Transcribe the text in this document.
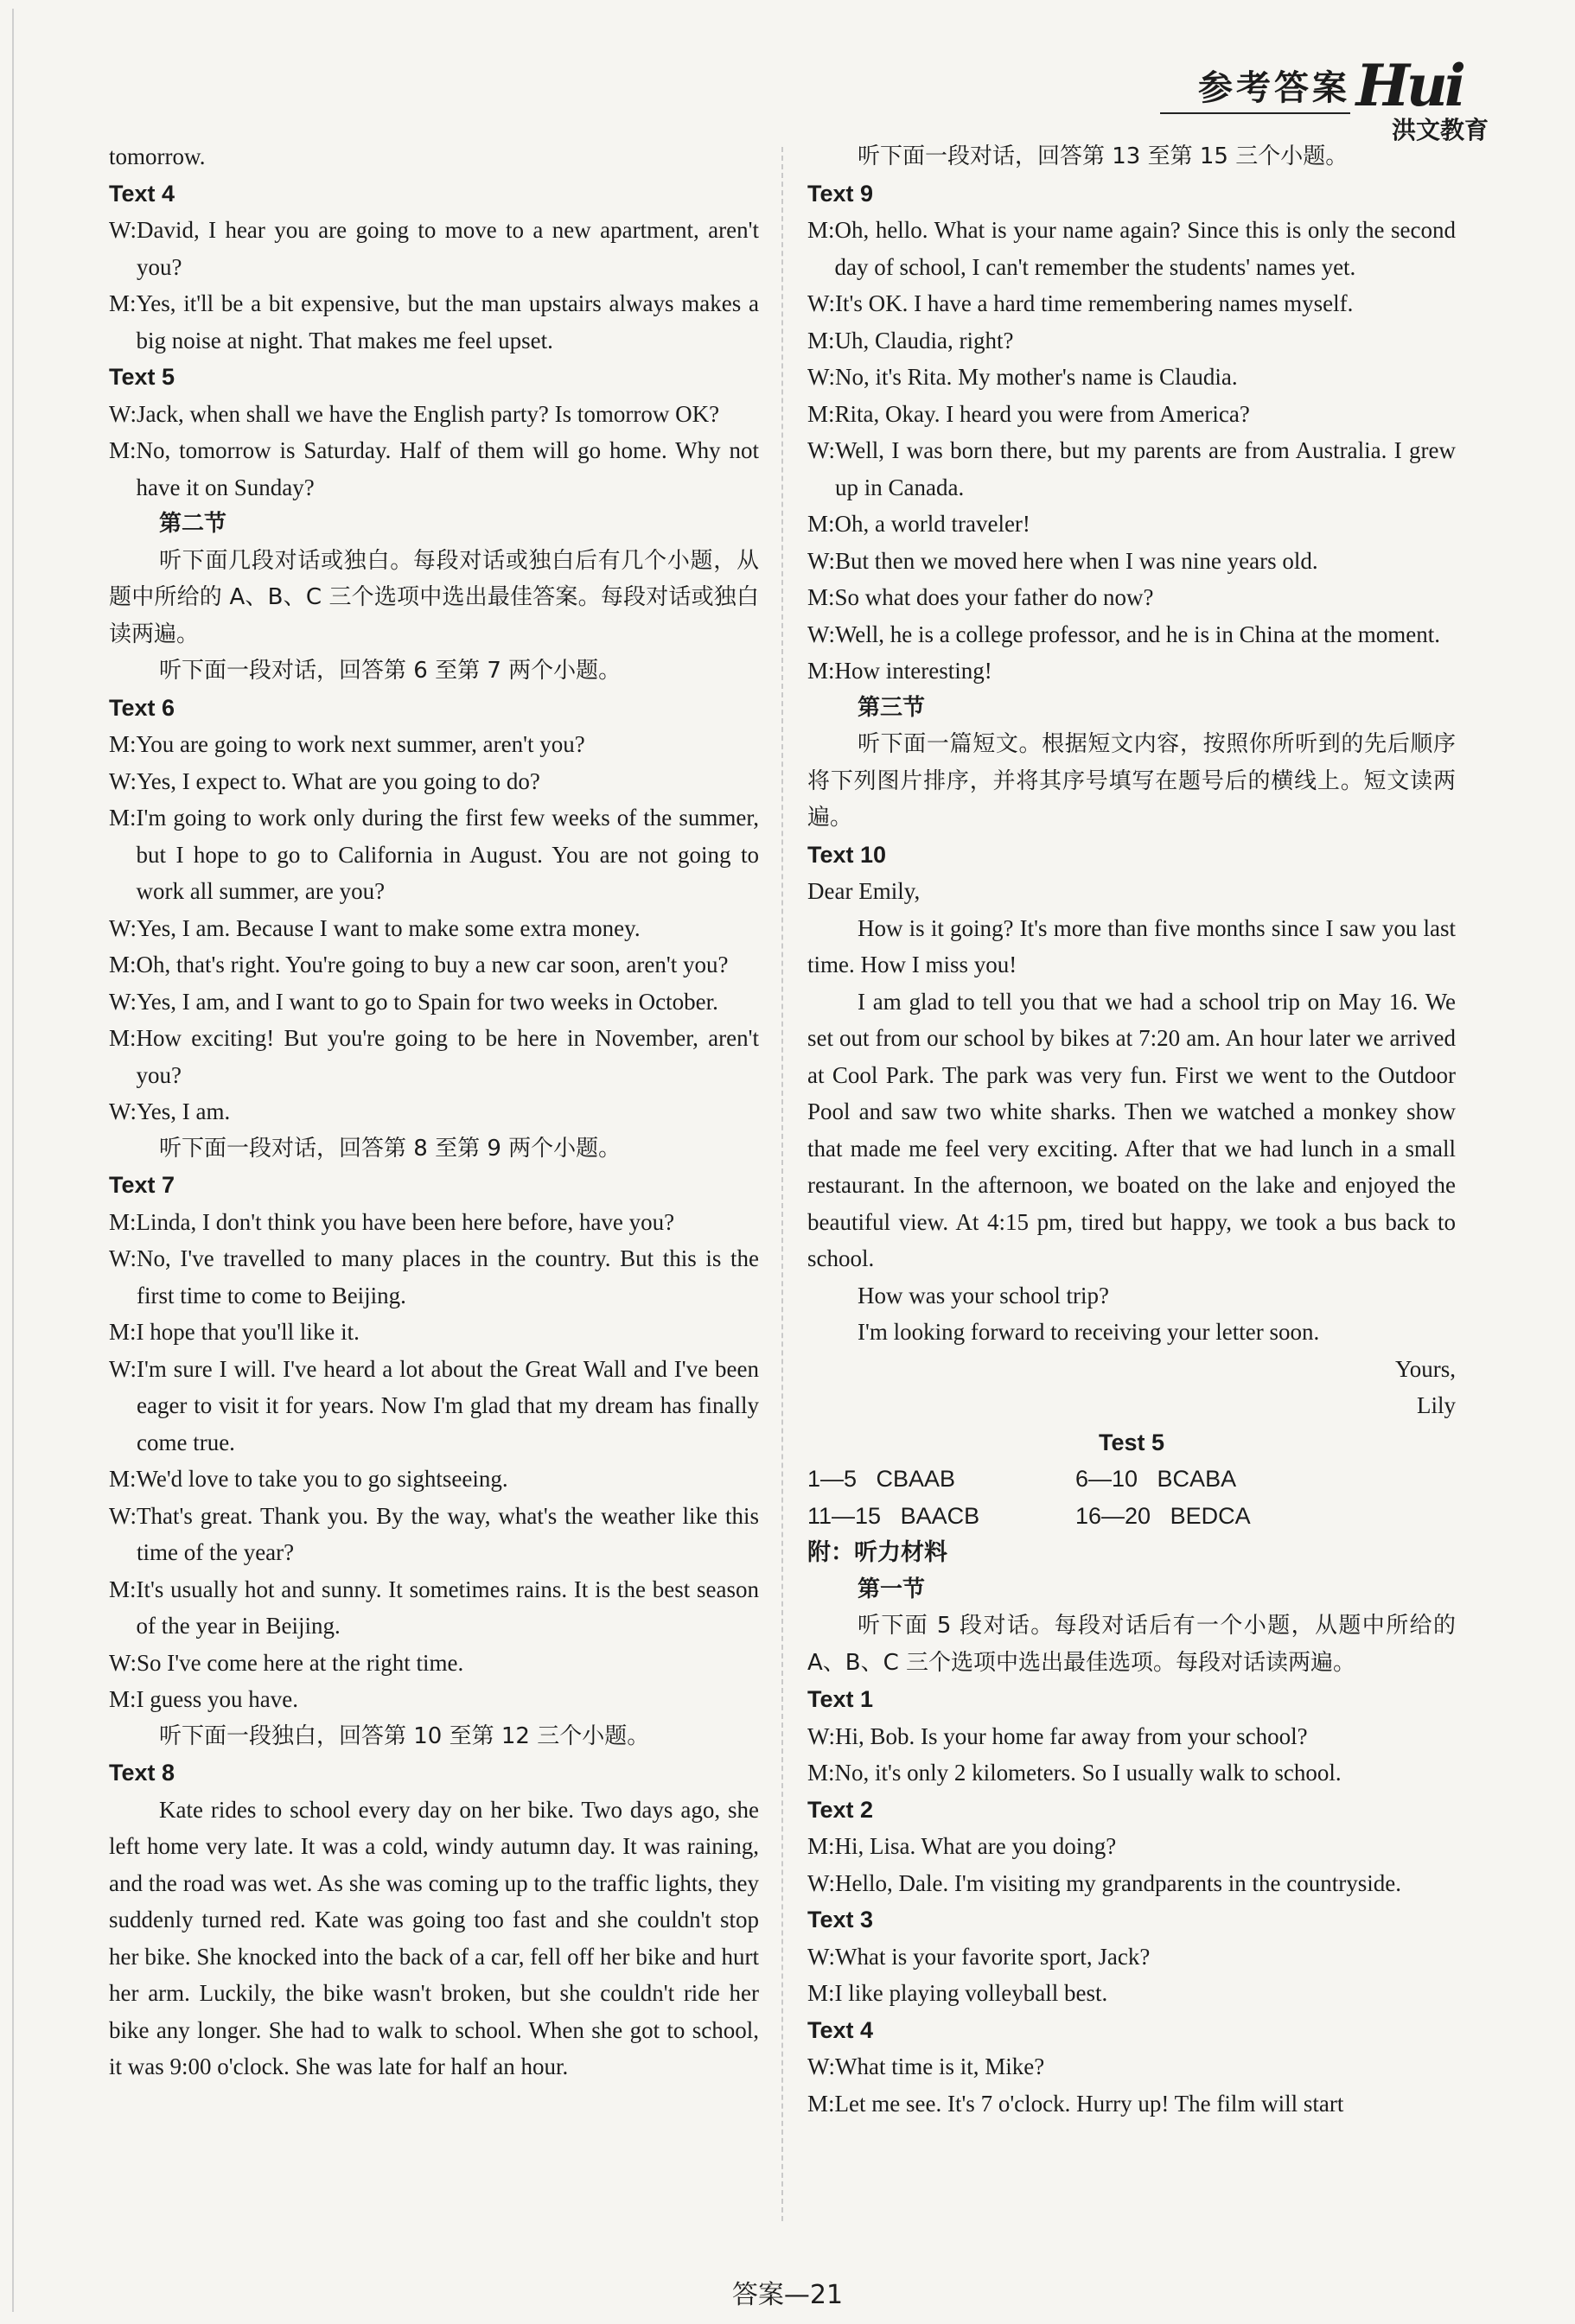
参考答案
洪文教育
Hui
tomorrow.
Text 4
W: David, I hear you are going to move to a new apartment, aren't you?
M: Yes, it'll be a bit expensive, but the man upstairs always makes a big noise at night. That makes me feel upset.
Text 5
W: Jack, when shall we have the English party? Is tomorrow OK?
M: No, tomorrow is Saturday. Half of them will go home. Why not have it on Sunday?
第二节
听下面几段对话或独白。每段对话或独白后有几个小题，从题中所给的 A、B、C 三个选项中选出最佳答案。每段对话或独白读两遍。
听下面一段对话，回答第 6 至第 7 两个小题。
Text 6
M: You are going to work next summer, aren't you?
W: Yes, I expect to. What are you going to do?
M: I'm going to work only during the first few weeks of the summer, but I hope to go to California in August. You are not going to work all summer, are you?
W: Yes, I am. Because I want to make some extra money.
M: Oh, that's right. You're going to buy a new car soon, aren't you?
W: Yes, I am, and I want to go to Spain for two weeks in October.
M: How exciting! But you're going to be here in November, aren't you?
W: Yes, I am.
听下面一段对话，回答第 8 至第 9 两个小题。
Text 7
M: Linda, I don't think you have been here before, have you?
W: No, I've travelled to many places in the country. But this is the first time to come to Beijing.
M: I hope that you'll like it.
W: I'm sure I will. I've heard a lot about the Great Wall and I've been eager to visit it for years. Now I'm glad that my dream has finally come true.
M: We'd love to take you to go sightseeing.
W: That's great. Thank you. By the way, what's the weather like this time of the year?
M: It's usually hot and sunny. It sometimes rains. It is the best season of the year in Beijing.
W: So I've come here at the right time.
M: I guess you have.
听下面一段独白，回答第 10 至第 12 三个小题。
Text 8
Kate rides to school every day on her bike. Two days ago, she left home very late. It was a cold, windy autumn day. It was raining, and the road was wet. As she was coming up to the traffic lights, they suddenly turned red. Kate was going too fast and she couldn't stop her bike. She knocked into the back of a car, fell off her bike and hurt her arm. Luckily, the bike wasn't broken, but she couldn't ride her bike any longer. She had to walk to school. When she got to school, it was 9:00 o'clock. She was late for half an hour.
听下面一段对话，回答第 13 至第 15 三个小题。
Text 9
M: Oh, hello. What is your name again? Since this is only the second day of school, I can't remember the students' names yet.
W: It's OK. I have a hard time remembering names myself.
M: Uh, Claudia, right?
W: No, it's Rita. My mother's name is Claudia.
M: Rita, Okay. I heard you were from America?
W: Well, I was born there, but my parents are from Australia. I grew up in Canada.
M: Oh, a world traveler!
W: But then we moved here when I was nine years old.
M: So what does your father do now?
W: Well, he is a college professor, and he is in China at the moment.
M: How interesting!
第三节
听下面一篇短文。根据短文内容，按照你所听到的先后顺序将下列图片排序，并将其序号填写在题号后的横线上。短文读两遍。
Text 10
Dear Emily,
How is it going? It's more than five months since I saw you last time. How I miss you!
I am glad to tell you that we had a school trip on May 16. We set out from our school by bikes at 7:20 am. An hour later we arrived at Cool Park. The park was very fun. First we went to the Outdoor Pool and saw two white sharks. Then we watched a monkey show that made me feel very exciting. After that we had lunch in a small restaurant. In the afternoon, we boated on the lake and enjoyed the beautiful view. At 4:15 pm, tired but happy, we took a bus back to school.
How was your school trip?
I'm looking forward to receiving your letter soon.
Yours,
Lily
Test 5
1—5   CBAAB	6—10   BCABA
11—15   BAACB	16—20   BEDCA
附：听力材料
第一节
听下面 5 段对话。每段对话后有一个小题，从题中所给的 A、B、C 三个选项中选出最佳选项。每段对话读两遍。
Text 1
W: Hi, Bob. Is your home far away from your school?
M: No, it's only 2 kilometers. So I usually walk to school.
Text 2
M: Hi, Lisa. What are you doing?
W: Hello, Dale. I'm visiting my grandparents in the countryside.
Text 3
W: What is your favorite sport, Jack?
M: I like playing volleyball best.
Text 4
W: What time is it, Mike?
M: Let me see. It's 7 o'clock. Hurry up! The film will start
答案—21
